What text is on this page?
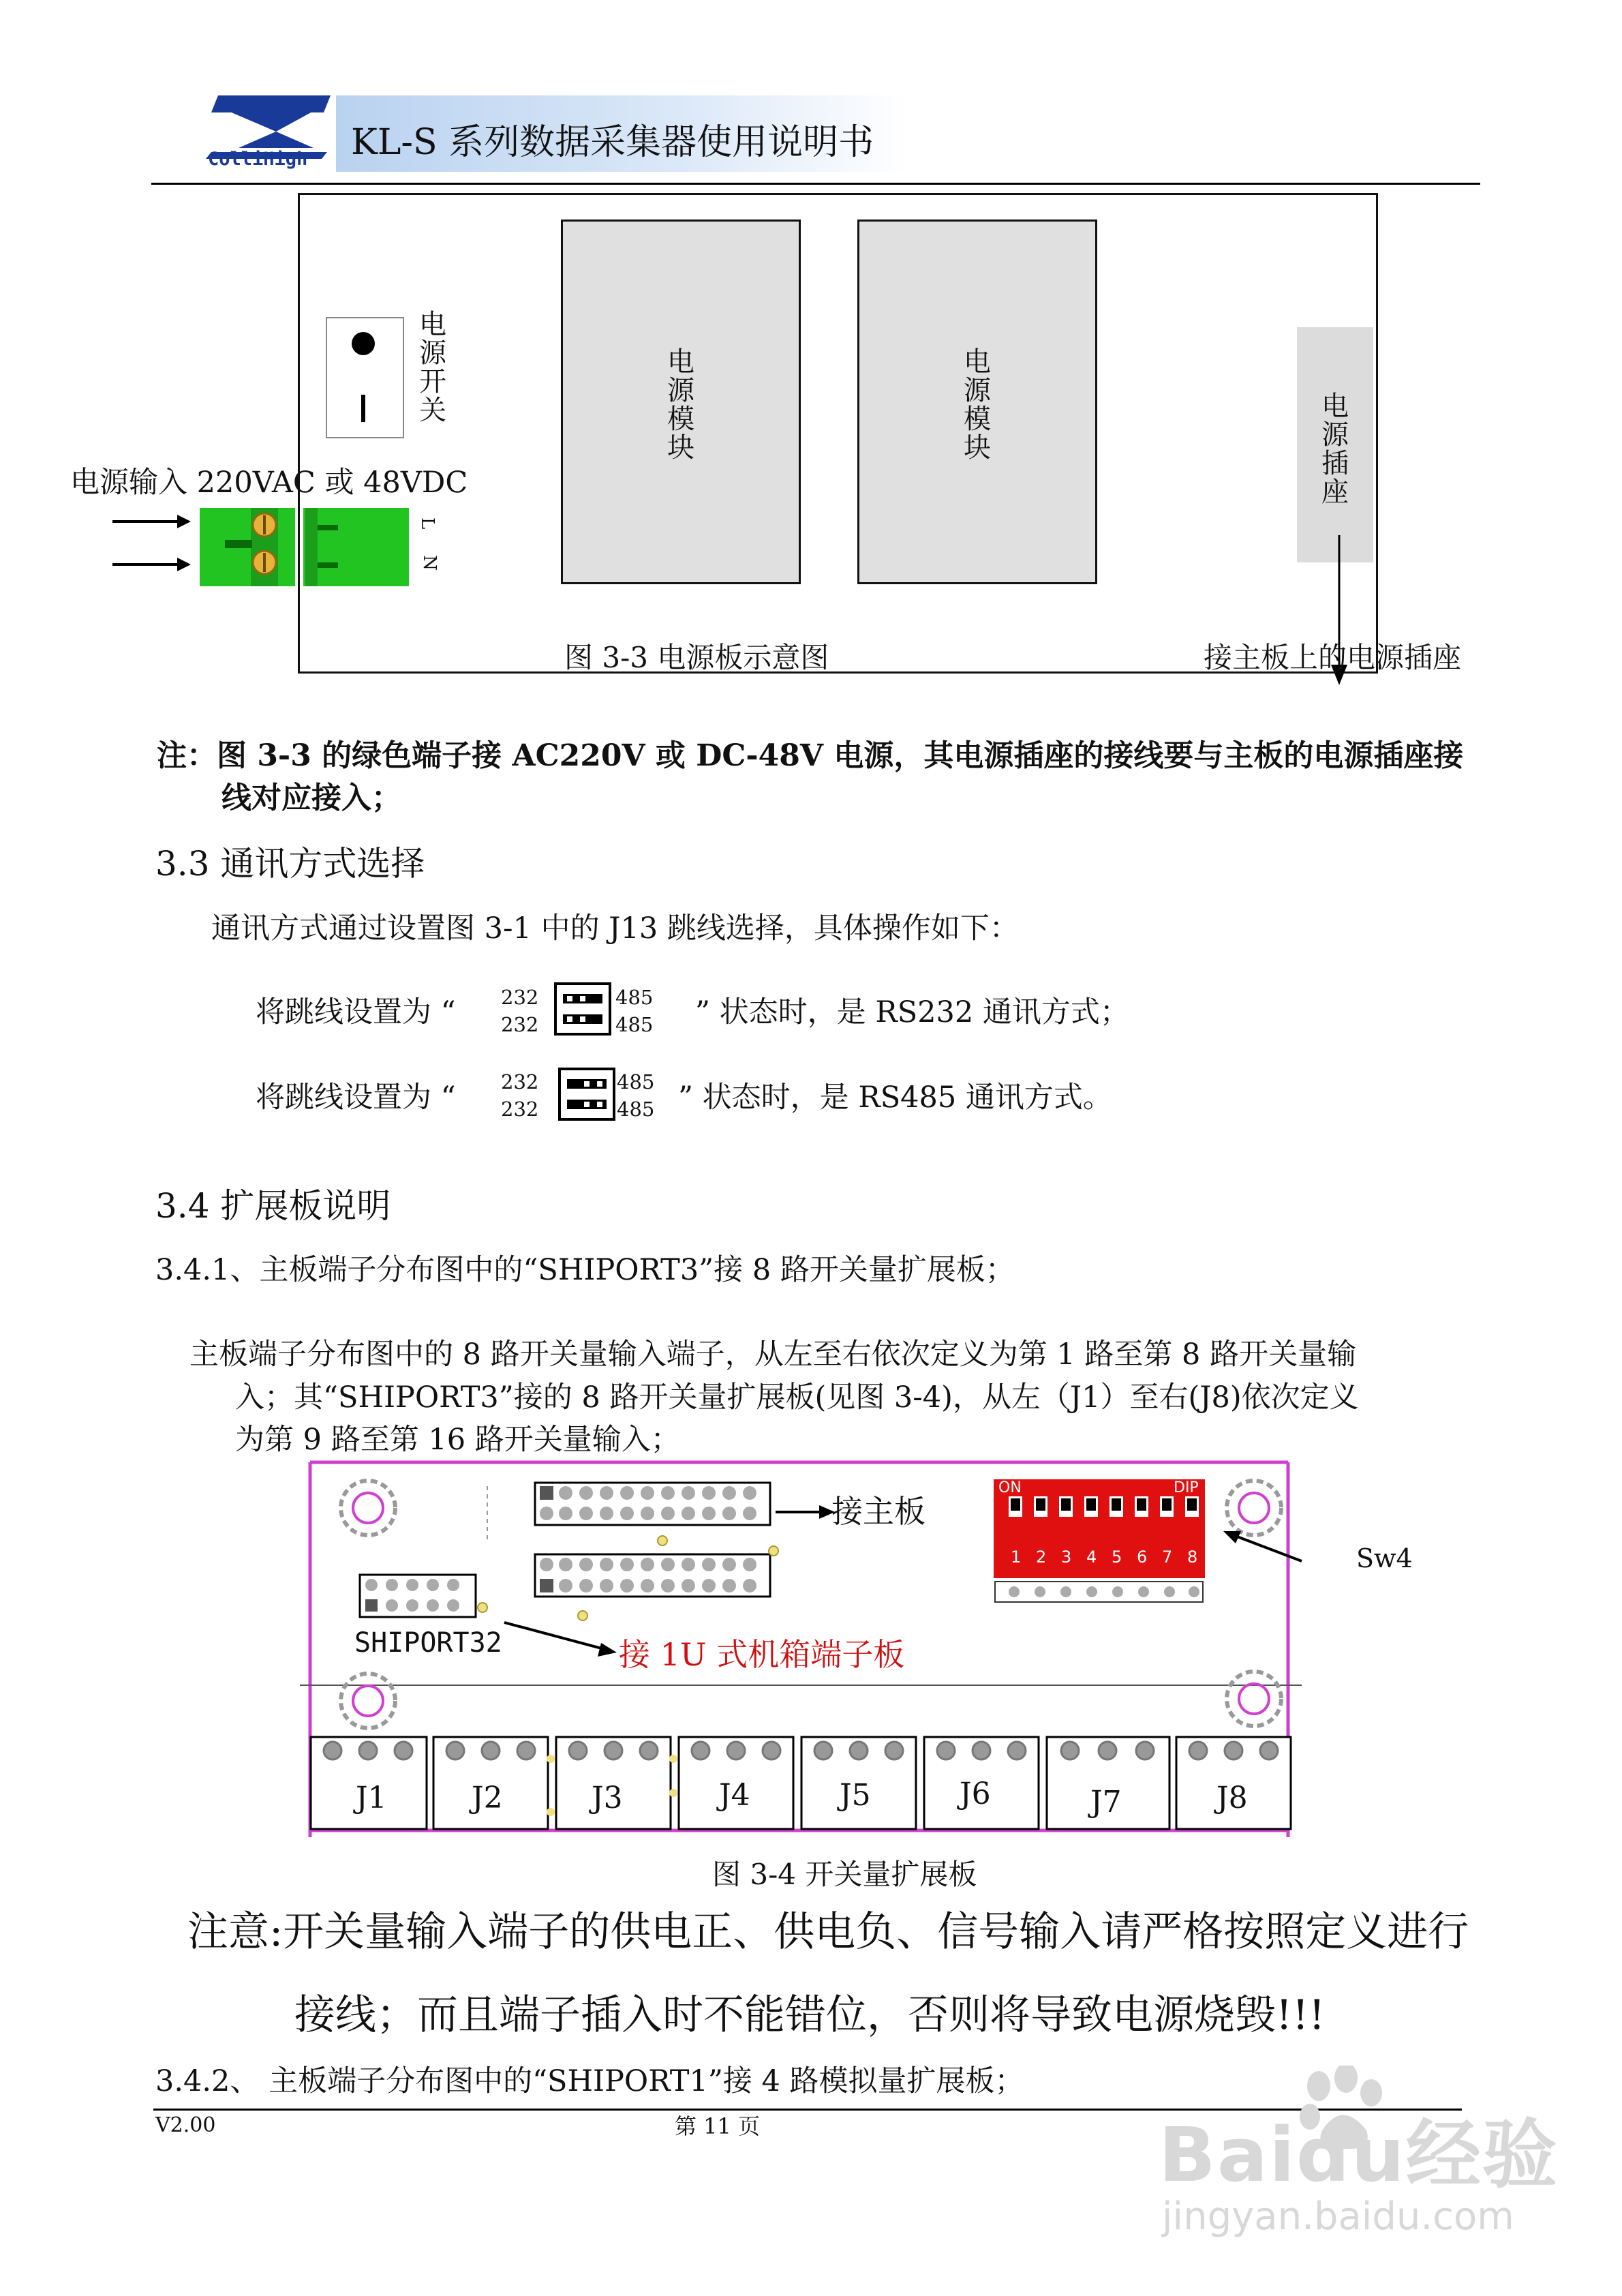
ColliHigh KL-S 系列数据采集器使用说明书
电
源
开
关
电源输入 220VAC 或 48VDC
L
N
电
源
模
块
电
源
模
块
电
源
插
座
图 3-3 电源板示意图	接主板上的电源插座
注：图 3-3 的绿色端子接 AC220V 或 DC-48V 电源，其电源插座的接线要与主板的电源插座接
线对应接入；
3.3 通讯方式选择
通讯方式通过设置图 3-1 中的 J13 跳线选择，具体操作如下：
将跳线设置为 “ 232
232
485
485 ” 状态时，是 RS232 通讯方式；
将跳线设置为 “ 232
232
485
485 ” 状态时，是 RS485 通讯方式。
3.4 扩展板说明
3.4.1、主板端子分布图中的“SHIPORT3”接 8 路开关量扩展板；
主板端子分布图中的 8 路开关量输入端子，从左至右依次定义为第 1 路至第 8 路开关量输
入；其“SHIPORT3”接的 8 路开关量扩展板(见图 3-4)，从左（J1）至右(J8)依次定义
为第 9 路至第 16 路开关量输入；
接主板
Sw4
SHIPORT32	接 1U 式机箱端子板
ON	DIP
1 2 3 4 5 6 7 8
J1	J2	J3	J4	J5	J6	J7	J8
图 3-4 开关量扩展板
注意:开关量输入端子的供电正、供电负、信号输入请严格按照定义进行
接线；而且端子插入时不能错位，否则将导致电源烧毁!!!
3.4.2、 主板端子分布图中的“SHIPORT1”接 4 路模拟量扩展板；
V2.00	第 11 页	Baidu经验
jingyan.baidu.com
